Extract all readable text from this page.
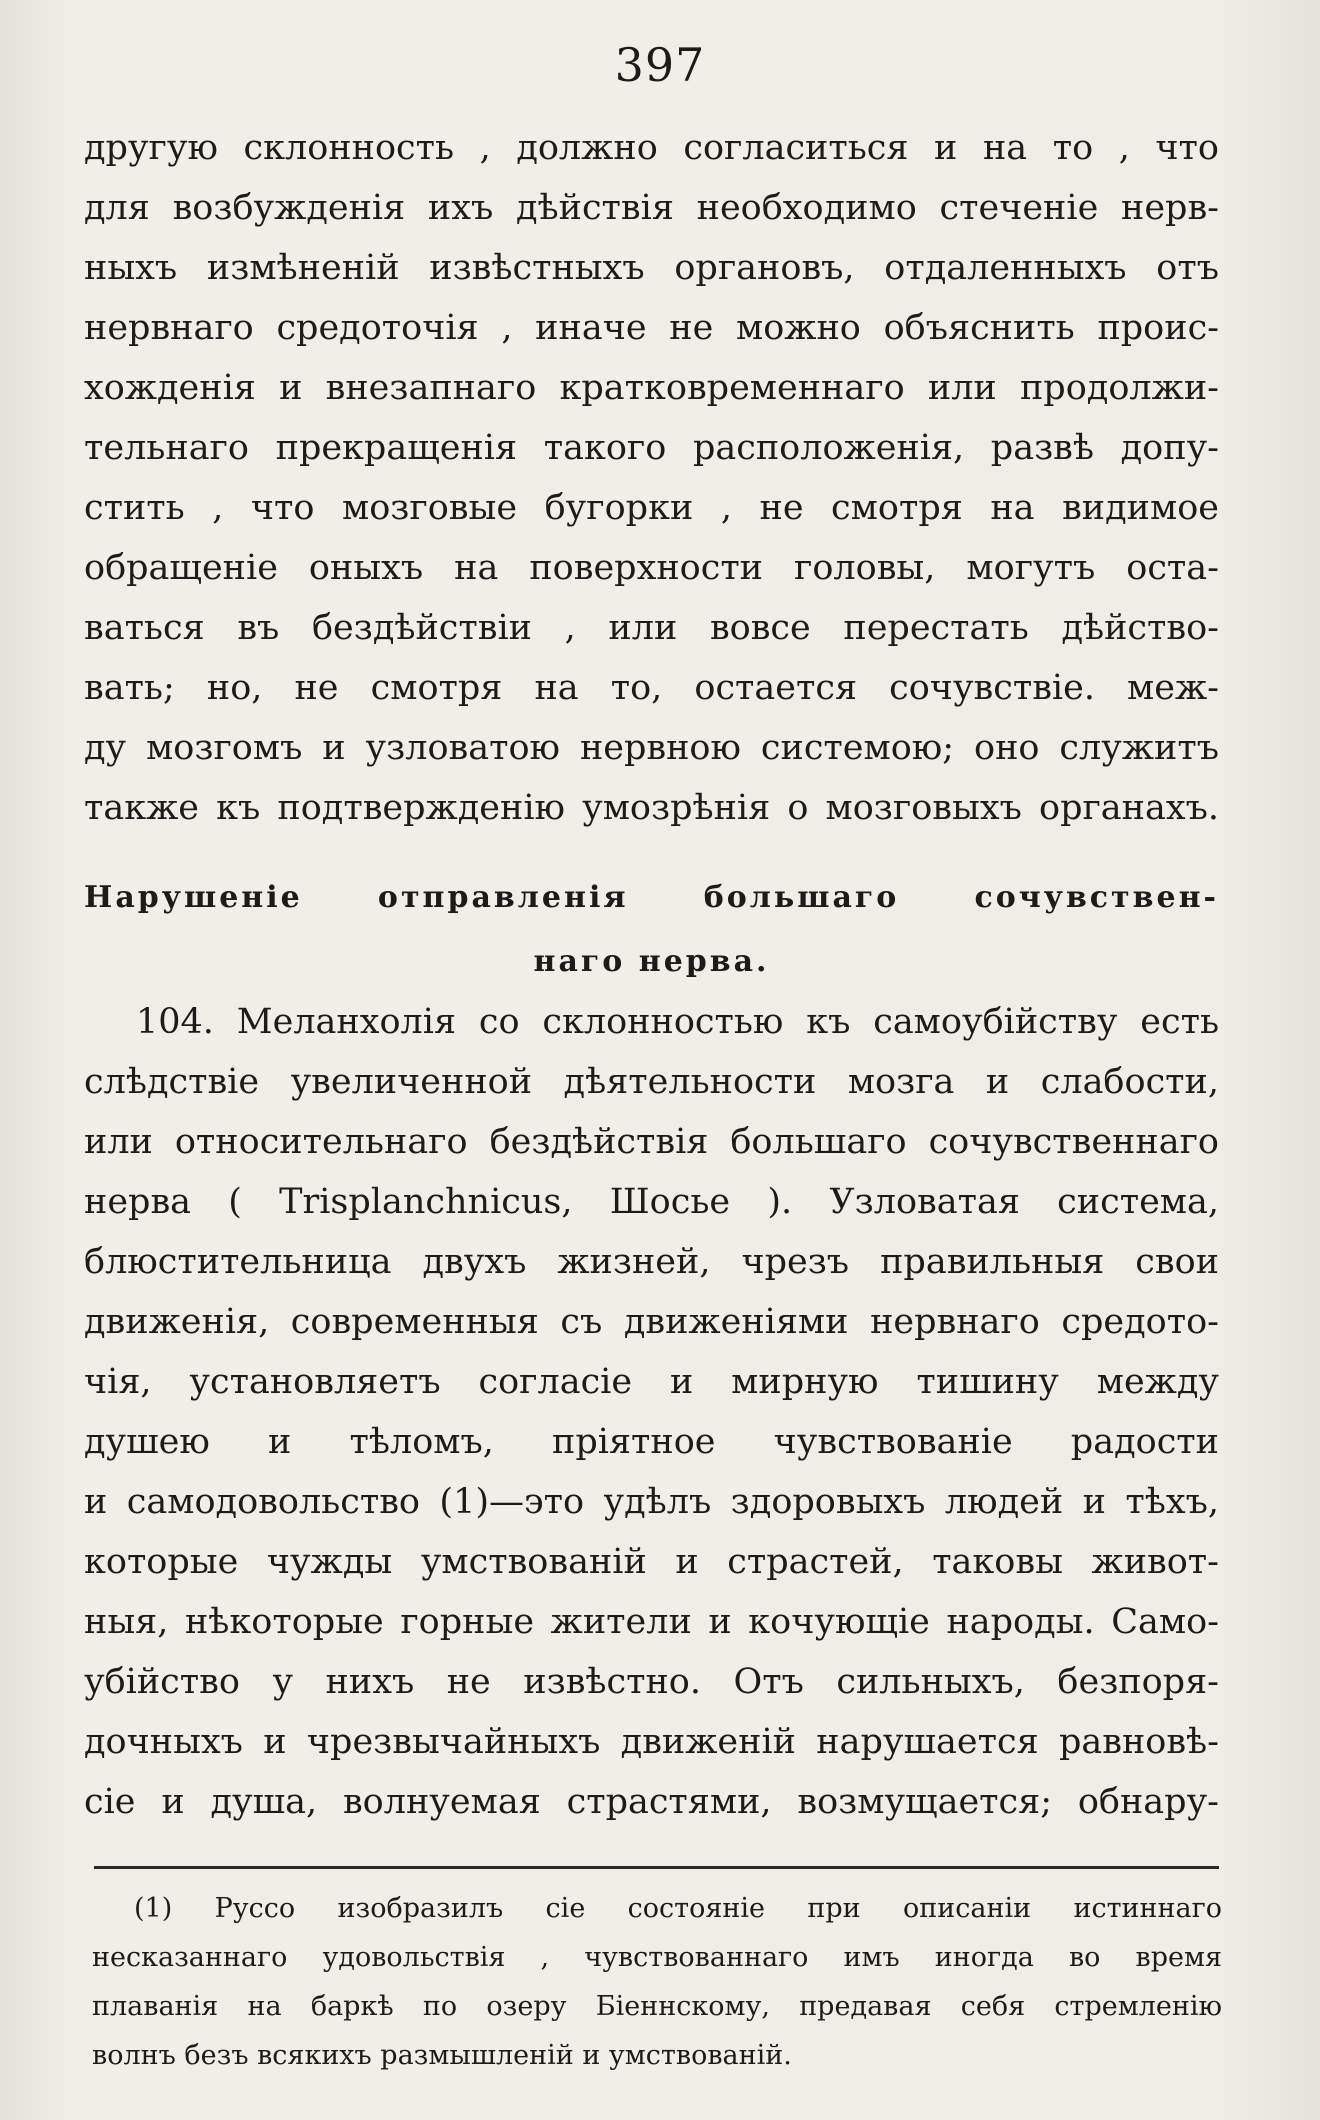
397
другую склонность , должно согласиться и на то , что
для возбужденія ихъ дѣйствія необходимо стеченіе нерв-
ныхъ измѣненій извѣстныхъ органовъ, отдаленныхъ отъ
нервнаго средоточія , иначе не можно объяснить проис-
хожденія и внезапнаго кратковременнаго или продолжи-
тельнаго прекращенія такого расположенія, развѣ допу-
стить , что мозговые бугорки , не смотря на видимое
обращеніе оныхъ на поверхности головы, могутъ оста-
ваться въ бездѣйствіи , или вовсе перестать дѣйство-
вать; но, не смотря на то, остается сочувствіе. меж-
ду мозгомъ и узловатою нервною системою; оно служитъ
также къ подтвержденію умозрѣнія о мозговыхъ органахъ.
Нарушеніе отправленія большаго сочувствен-
наго нерва.
104. Меланхолія со склонностью къ самоубійству есть
слѣдствіе увеличенной дѣятельности мозга и слабости,
или относительнаго бездѣйствія большаго сочувственнаго
нерва ( Trisplanchnicus, Шосье ). Узловатая система,
блюстительница двухъ жизней, чрезъ правильныя свои
движенія, современныя съ движеніями нервнаго средото-
чія, установляетъ согласіе и мирную тишину между
душею и тѣломъ, пріятное чувствованіе радости
и самодовольство (1)—это удѣлъ здоровыхъ людей и тѣхъ,
которые чужды умствованій и страстей, таковы живот-
ныя, нѣкоторые горные жители и кочующіе народы. Само-
убійство у нихъ не извѣстно. Отъ сильныхъ, безпоря-
дочныхъ и чрезвычайныхъ движеній нарушается равновѣ-
сіе и душа, волнуемая страстями, возмущается; обнару-
(1) Руссо изобразилъ сіе состояніе при описаніи истиннаго
несказаннаго удовольствія , чувствованнаго имъ иногда во время
плаванія на баркѣ по озеру Біеннскому, предавая себя стремленію
волнъ безъ всякихъ размышленій и умствованій.
